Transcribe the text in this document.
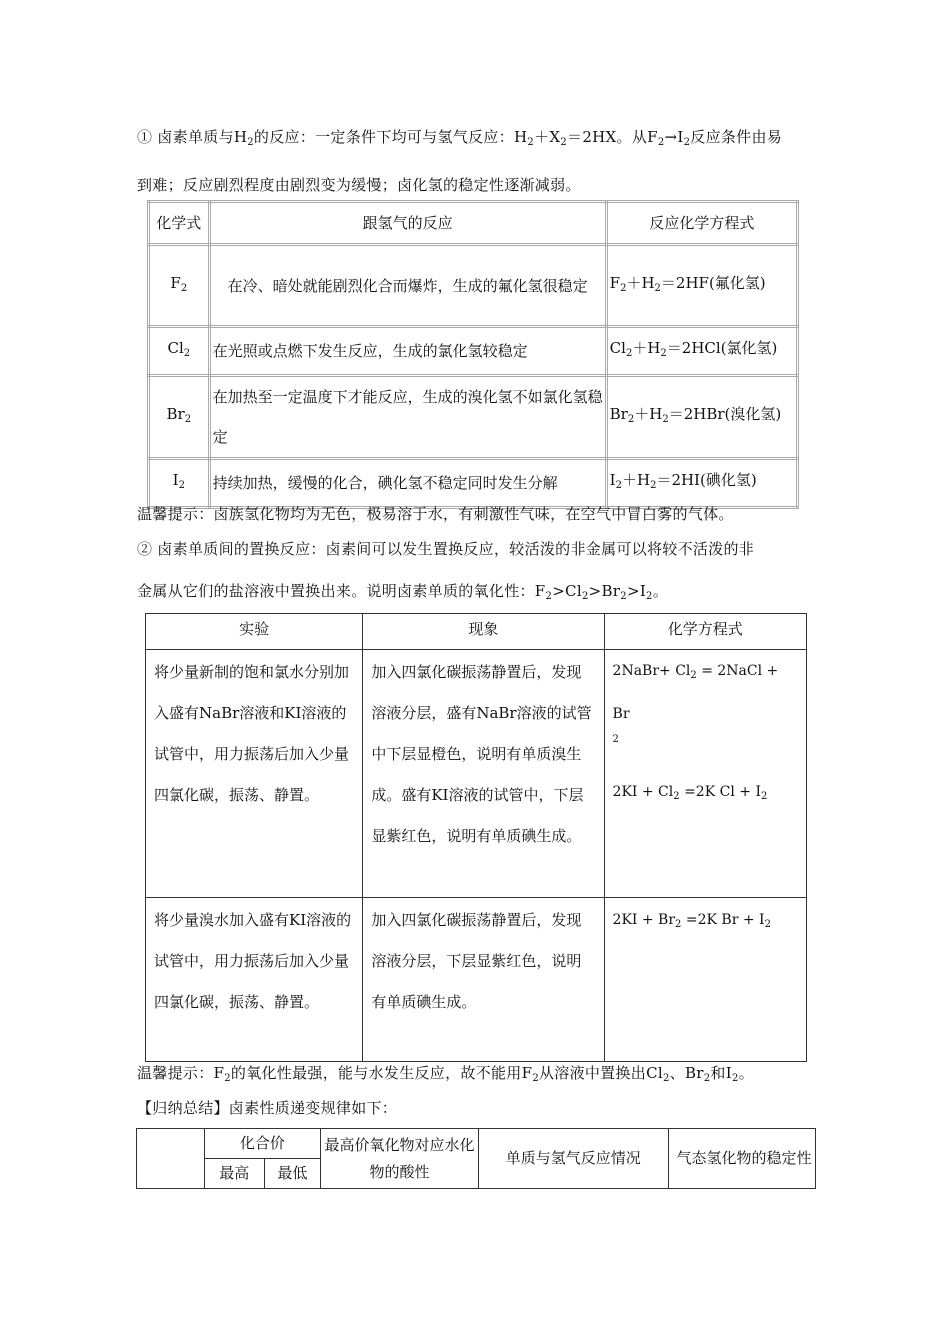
① 卤素单质与$H_2$的反应：一定条件下均可与氢气反应：$H_2+X_2=2HX$。从$F_2\to I_2$反应条件由易
到难；反应剧烈程度由剧烈变为缓慢；卤化氢的稳定性逐渐减弱。
化学式	跟氢气的反应	反应化学方程式
$F_2$	在冷、暗处就能剧烈化合而爆炸，生成的氟化氢很稳定	$F_2+H_2=2HF$(氟化氢)
$Cl_2$	在光照或点燃下发生反应，生成的氯化氢较稳定	$Cl_2+H_2=2HCl$(氯化氢)
$Br_2$	在加热至一定温度下才能反应，生成的溴化氢不如氯化氢稳定	$Br_2+H_2=2HBr$(溴化氢)
$I_2$	持续加热，缓慢的化合，碘化氢不稳定同时发生分解	$I_2+H_2=2HI$(碘化氢)
温馨提示：卤族氢化物均为无色，极易溶于水，有刺激性气味，在空气中冒白雾的气体。
② 卤素单质间的置换反应：卤素间可以发生置换反应，较活泼的非金属可以将较不活泼的非
金属从它们的盐溶液中置换出来。说明卤素单质的氧化性：$F_2>Cl_2>Br_2>I_2$。
实验	现象	化学方程式
将少量新制的饱和氯水分别加入盛有NaBr溶液和KI溶液的试管中，用力振荡后加入少量四氯化碳，振荡、静置。	加入四氯化碳振荡静置后，发现溶液分层，盛有NaBr溶液的试管中下层显橙色，说明有单质溴生成。盛有KI溶液的试管中，下层显紫红色，说明有单质碘生成。	2NaBr+ $Cl_2$ = 2NaCl + Br
$^2$
$2KI + Cl_2 =2K$ $Cl + I_2$
将少量溴水加入盛有KI溶液的试管中，用力振荡后加入少量四氯化碳，振荡、静置。	加入四氯化碳振荡静置后，发现溶液分层，下层显紫红色，说明有单质碘生成。	$2KI + Br_2 =2K$ $Br + I_2$
温馨提示：$F_2$的氧化性最强，能与水发生反应，故不能用$F_2$从溶液中置换出$Cl_2$、$Br_2$和$I_2$。
【归纳总结】卤素性质递变规律如下：
	化合价		最高价氧化物对应水化物的酸性	单质与氢气反应情况	气态氢化物的稳定性
	最高	最低			
